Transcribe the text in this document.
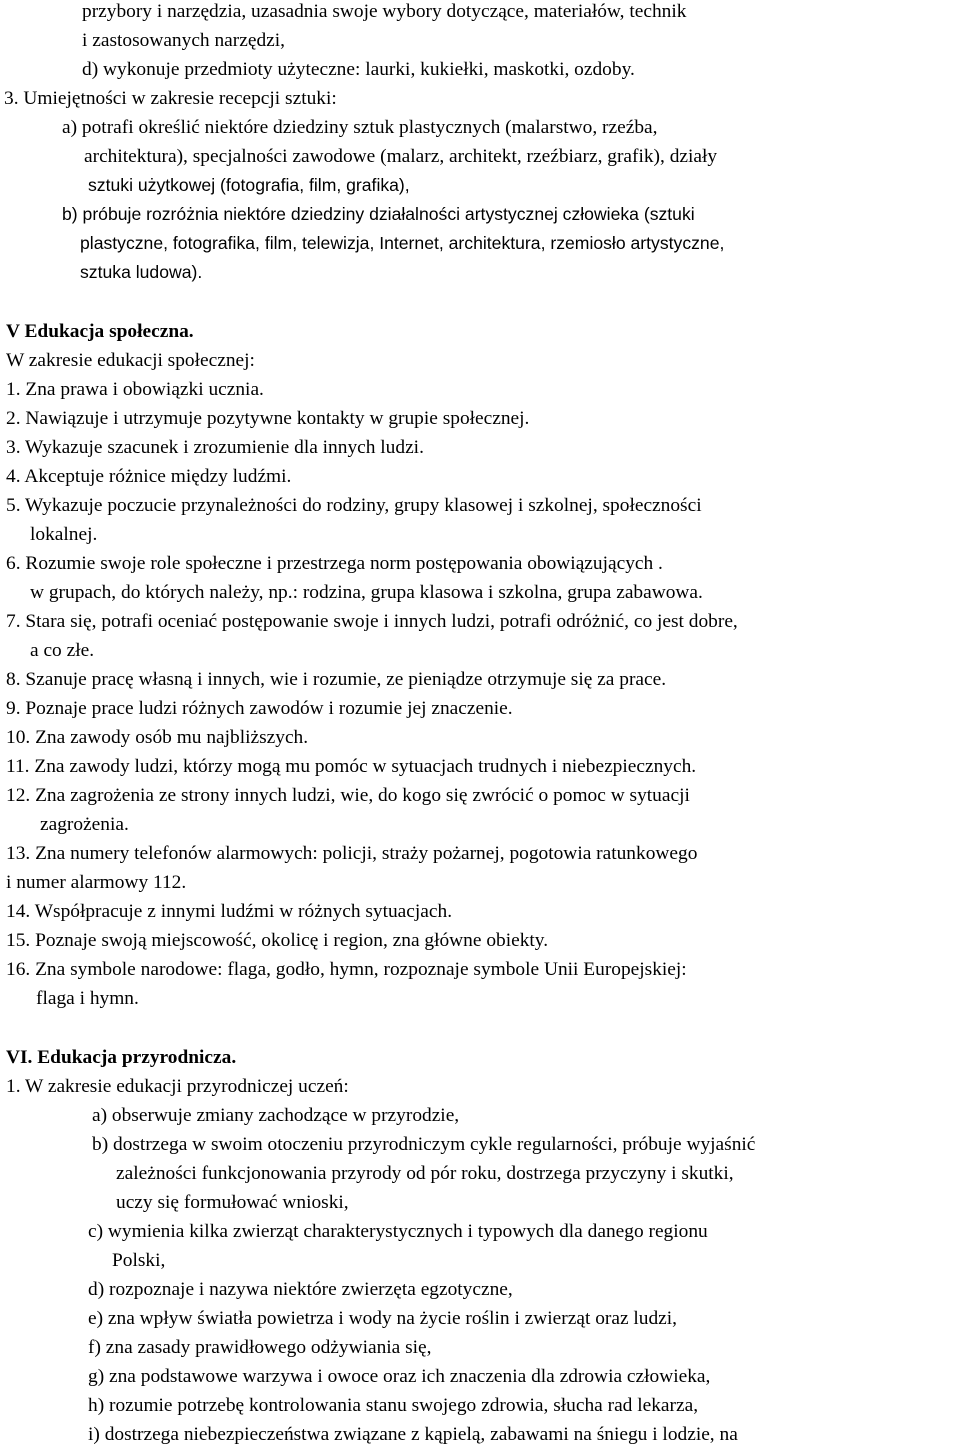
przybory i narzędzia, uzasadnia swoje wybory dotyczące, materiałów, technik
i zastosowanych narzędzi,
d) wykonuje przedmioty użyteczne: laurki, kukiełki, maskotki, ozdoby.
3. Umiejętności w zakresie recepcji sztuki:
a) potrafi określić niektóre dziedziny sztuk plastycznych (malarstwo, rzeźba,
architektura), specjalności zawodowe (malarz, architekt, rzeźbiarz, grafik), działy
sztuki użytkowej (fotografia, film, grafika),
b) próbuje rozróżnia niektóre dziedziny działalności artystycznej człowieka (sztuki
plastyczne, fotografika, film, telewizja, Internet, architektura, rzemiosło artystyczne,
sztuka ludowa).
V Edukacja społeczna.
W zakresie edukacji społecznej:
1. Zna prawa i obowiązki ucznia.
2. Nawiązuje i utrzymuje pozytywne kontakty w grupie społecznej.
3. Wykazuje szacunek i zrozumienie dla innych ludzi.
4. Akceptuje różnice między ludźmi.
5. Wykazuje poczucie przynależności do rodziny, grupy klasowej i szkolnej, społeczności
lokalnej.
6. Rozumie swoje role społeczne i przestrzega norm postępowania obowiązujących .
w grupach, do których należy, np.: rodzina, grupa klasowa i szkolna, grupa zabawowa.
7. Stara się, potrafi oceniać postępowanie swoje i innych ludzi, potrafi odróżnić, co jest dobre,
a co złe.
8. Szanuje pracę własną i innych, wie i rozumie, ze pieniądze otrzymuje się za prace.
9. Poznaje prace ludzi różnych zawodów i rozumie jej znaczenie.
10. Zna zawody osób mu najbliższych.
11. Zna zawody ludzi, którzy mogą mu pomóc w sytuacjach trudnych i niebezpiecznych.
12. Zna zagrożenia ze strony innych ludzi, wie, do kogo się zwrócić o pomoc w sytuacji
zagrożenia.
13. Zna numery telefonów alarmowych: policji, straży pożarnej, pogotowia ratunkowego
i numer alarmowy 112.
14. Współpracuje z innymi ludźmi w różnych sytuacjach.
15. Poznaje swoją miejscowość, okolicę i region, zna główne obiekty.
16. Zna symbole narodowe: flaga, godło, hymn, rozpoznaje symbole Unii Europejskiej:
flaga i hymn.
VI. Edukacja przyrodnicza.
1. W zakresie edukacji przyrodniczej uczeń:
a) obserwuje zmiany zachodzące w przyrodzie,
b) dostrzega w swoim otoczeniu przyrodniczym cykle regularności, próbuje wyjaśnić
zależności funkcjonowania przyrody od pór roku, dostrzega przyczyny i skutki,
uczy się formułować wnioski,
c) wymienia kilka zwierząt charakterystycznych i typowych dla danego regionu
Polski,
d) rozpoznaje i nazywa niektóre zwierzęta egzotyczne,
e) zna wpływ światła powietrza i wody na życie roślin i zwierząt oraz ludzi,
f) zna zasady prawidłowego odżywiania się,
g) zna podstawowe warzywa i owoce oraz ich znaczenia dla zdrowia człowieka,
h) rozumie potrzebę kontrolowania stanu swojego zdrowia, słucha rad lekarza,
i) dostrzega niebezpieczeństwa związane z kąpielą, zabawami na śniegu i lodzie, na
